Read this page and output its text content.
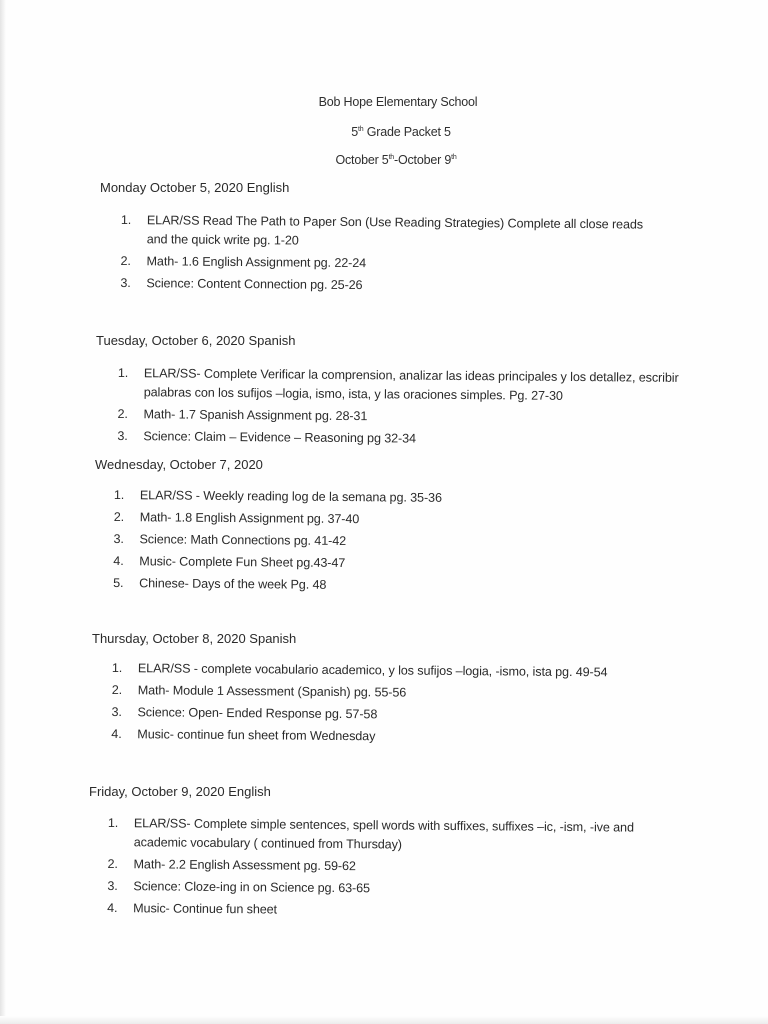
Bob Hope Elementary School
5th Grade Packet 5
October 5th-October 9th
Monday October 5, 2020 English
1.	ELAR/SS Read The Path to Paper Son (Use Reading Strategies) Complete all close reads and the quick write pg. 1-20
2.	Math- 1.6 English Assignment pg. 22-24
3.	Science: Content Connection pg. 25-26
Tuesday, October 6, 2020 Spanish
1.	ELAR/SS- Complete Verificar la comprension, analizar las ideas principales y los detallez, escribir palabras con los sufijos –logia, ismo, ista, y las oraciones simples. Pg. 27-30
2.	Math- 1.7 Spanish Assignment pg. 28-31
3.	Science: Claim – Evidence – Reasoning pg 32-34
Wednesday, October 7, 2020
1.	ELAR/SS - Weekly reading log de la semana pg. 35-36
2.	Math- 1.8 English Assignment pg. 37-40
3.	Science: Math Connections pg. 41-42
4.	Music- Complete Fun Sheet pg.43-47
5.	Chinese- Days of the week Pg. 48
Thursday, October 8, 2020 Spanish
1.	ELAR/SS - complete vocabulario academico, y los sufijos –logia, -ismo, ista pg. 49-54
2.	Math- Module 1 Assessment (Spanish) pg. 55-56
3.	Science: Open- Ended Response pg. 57-58
4.	Music- continue fun sheet from Wednesday
Friday, October 9, 2020 English
1.	ELAR/SS- Complete simple sentences, spell words with suffixes, suffixes –ic, -ism, -ive and academic vocabulary ( continued from Thursday)
2.	Math- 2.2 English Assessment pg. 59-62
3.	Science: Cloze-ing in on Science pg. 63-65
4.	Music- Continue fun sheet
